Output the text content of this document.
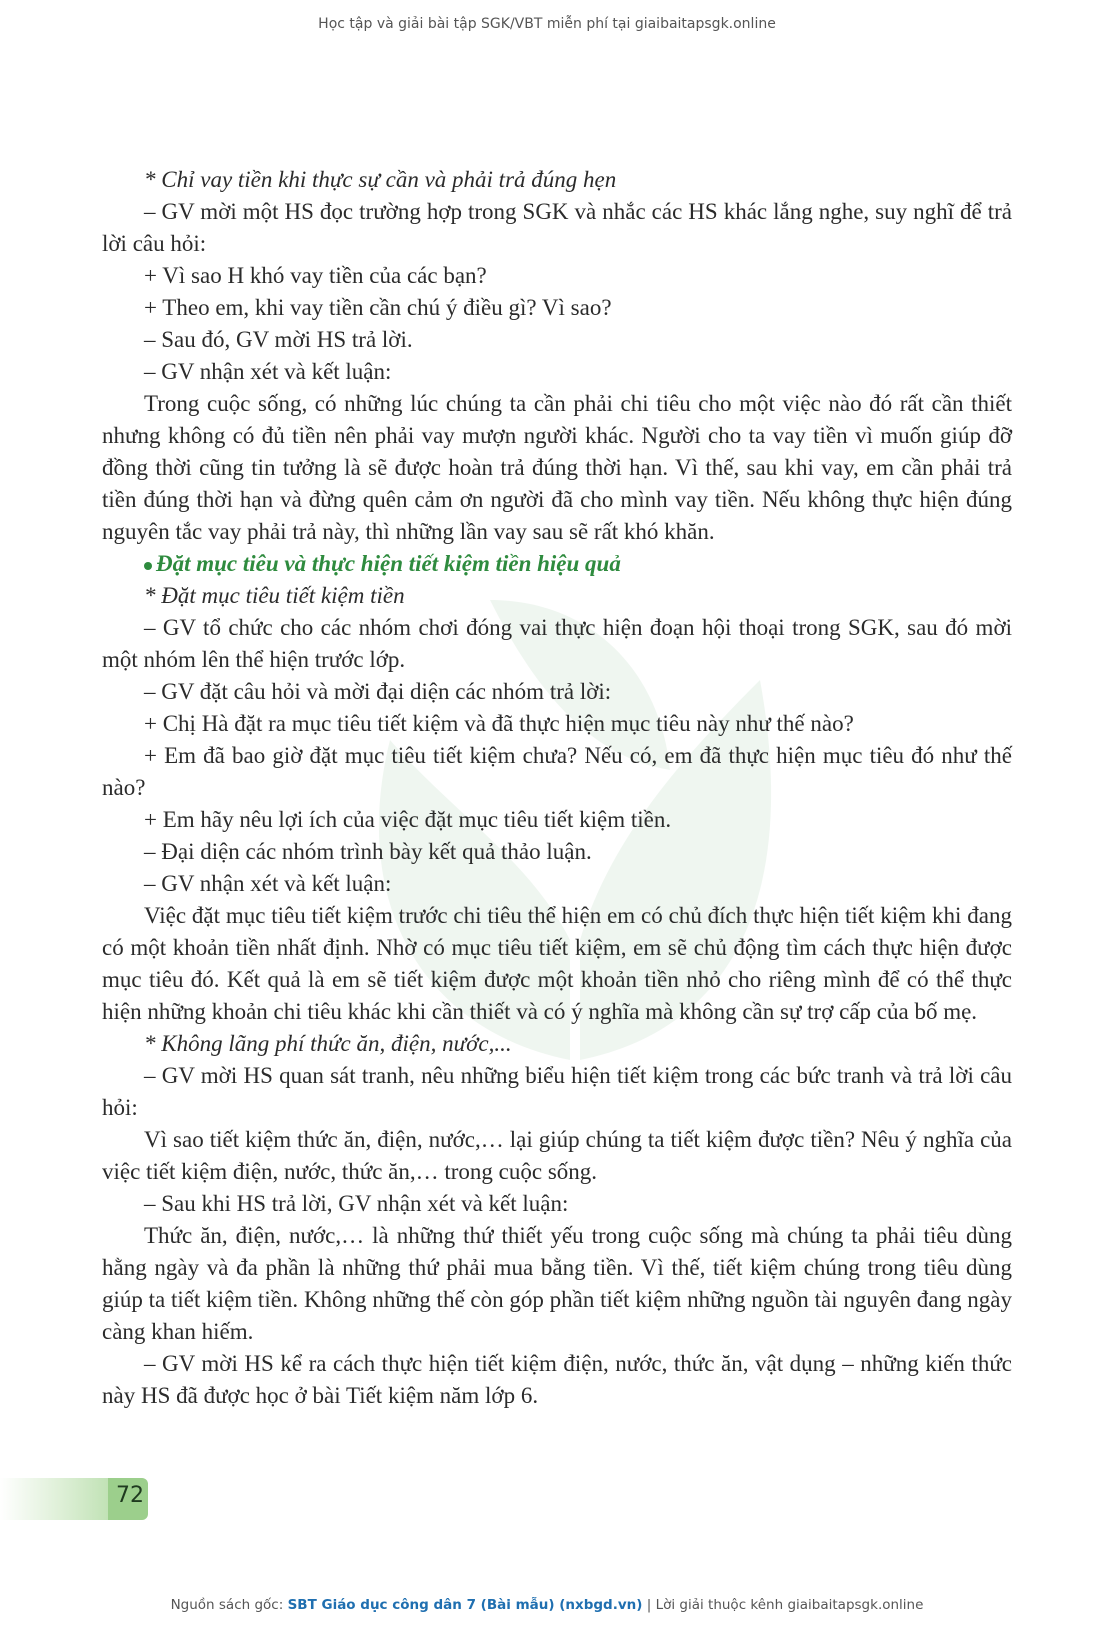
Học tập và giải bài tập SGK/VBT miễn phí tại giaibaitapsgk.online

* Chỉ vay tiền khi thực sự cần và phải trả đúng hẹn

– GV mời một HS đọc trường hợp trong SGK và nhắc các HS khác lắng nghe, suy nghĩ để trả lời câu hỏi:

+ Vì sao H khó vay tiền của các bạn?

+ Theo em, khi vay tiền cần chú ý điều gì? Vì sao?

– Sau đó, GV mời HS trả lời.

– GV nhận xét và kết luận:

Trong cuộc sống, có những lúc chúng ta cần phải chi tiêu cho một việc nào đó rất cần thiết nhưng không có đủ tiền nên phải vay mượn người khác. Người cho ta vay tiền vì muốn giúp đỡ đồng thời cũng tin tưởng là sẽ được hoàn trả đúng thời hạn. Vì thế, sau khi vay, em cần phải trả tiền đúng thời hạn và đừng quên cảm ơn người đã cho mình vay tiền. Nếu không thực hiện đúng nguyên tắc vay phải trả này, thì những lần vay sau sẽ rất khó khăn.

Đặt mục tiêu và thực hiện tiết kiệm tiền hiệu quả

* Đặt mục tiêu tiết kiệm tiền

– GV tổ chức cho các nhóm chơi đóng vai thực hiện đoạn hội thoại trong SGK, sau đó mời một nhóm lên thể hiện trước lớp.

– GV đặt câu hỏi và mời đại diện các nhóm trả lời:

+ Chị Hà đặt ra mục tiêu tiết kiệm và đã thực hiện mục tiêu này như thế nào?

+ Em đã bao giờ đặt mục tiêu tiết kiệm chưa? Nếu có, em đã thực hiện mục tiêu đó như thế nào?

+ Em hãy nêu lợi ích của việc đặt mục tiêu tiết kiệm tiền.

– Đại diện các nhóm trình bày kết quả thảo luận.

– GV nhận xét và kết luận:

Việc đặt mục tiêu tiết kiệm trước chi tiêu thể hiện em có chủ đích thực hiện tiết kiệm khi đang có một khoản tiền nhất định. Nhờ có mục tiêu tiết kiệm, em sẽ chủ động tìm cách thực hiện được mục tiêu đó. Kết quả là em sẽ tiết kiệm được một khoản tiền nhỏ cho riêng mình để có thể thực hiện những khoản chi tiêu khác khi cần thiết và có ý nghĩa mà không cần sự trợ cấp của bố mẹ.

* Không lãng phí thức ăn, điện, nước,...

– GV mời HS quan sát tranh, nêu những biểu hiện tiết kiệm trong các bức tranh và trả lời câu hỏi:

Vì sao tiết kiệm thức ăn, điện, nước,… lại giúp chúng ta tiết kiệm được tiền? Nêu ý nghĩa của việc tiết kiệm điện, nước, thức ăn,… trong cuộc sống.

– Sau khi HS trả lời, GV nhận xét và kết luận:

Thức ăn, điện, nước,… là những thứ thiết yếu trong cuộc sống mà chúng ta phải tiêu dùng hằng ngày và đa phần là những thứ phải mua bằng tiền. Vì thế, tiết kiệm chúng trong tiêu dùng giúp ta tiết kiệm tiền. Không những thế còn góp phần tiết kiệm những nguồn tài nguyên đang ngày càng khan hiếm.

– GV mời HS kể ra cách thực hiện tiết kiệm điện, nước, thức ăn, vật dụng – những kiến thức này HS đã được học ở bài Tiết kiệm năm lớp 6.

72
Nguồn sách gốc: SBT Giáo dục công dân 7 (Bài mẫu) (nxbgd.vn) | Lời giải thuộc kênh giaibaitapsgk.online
